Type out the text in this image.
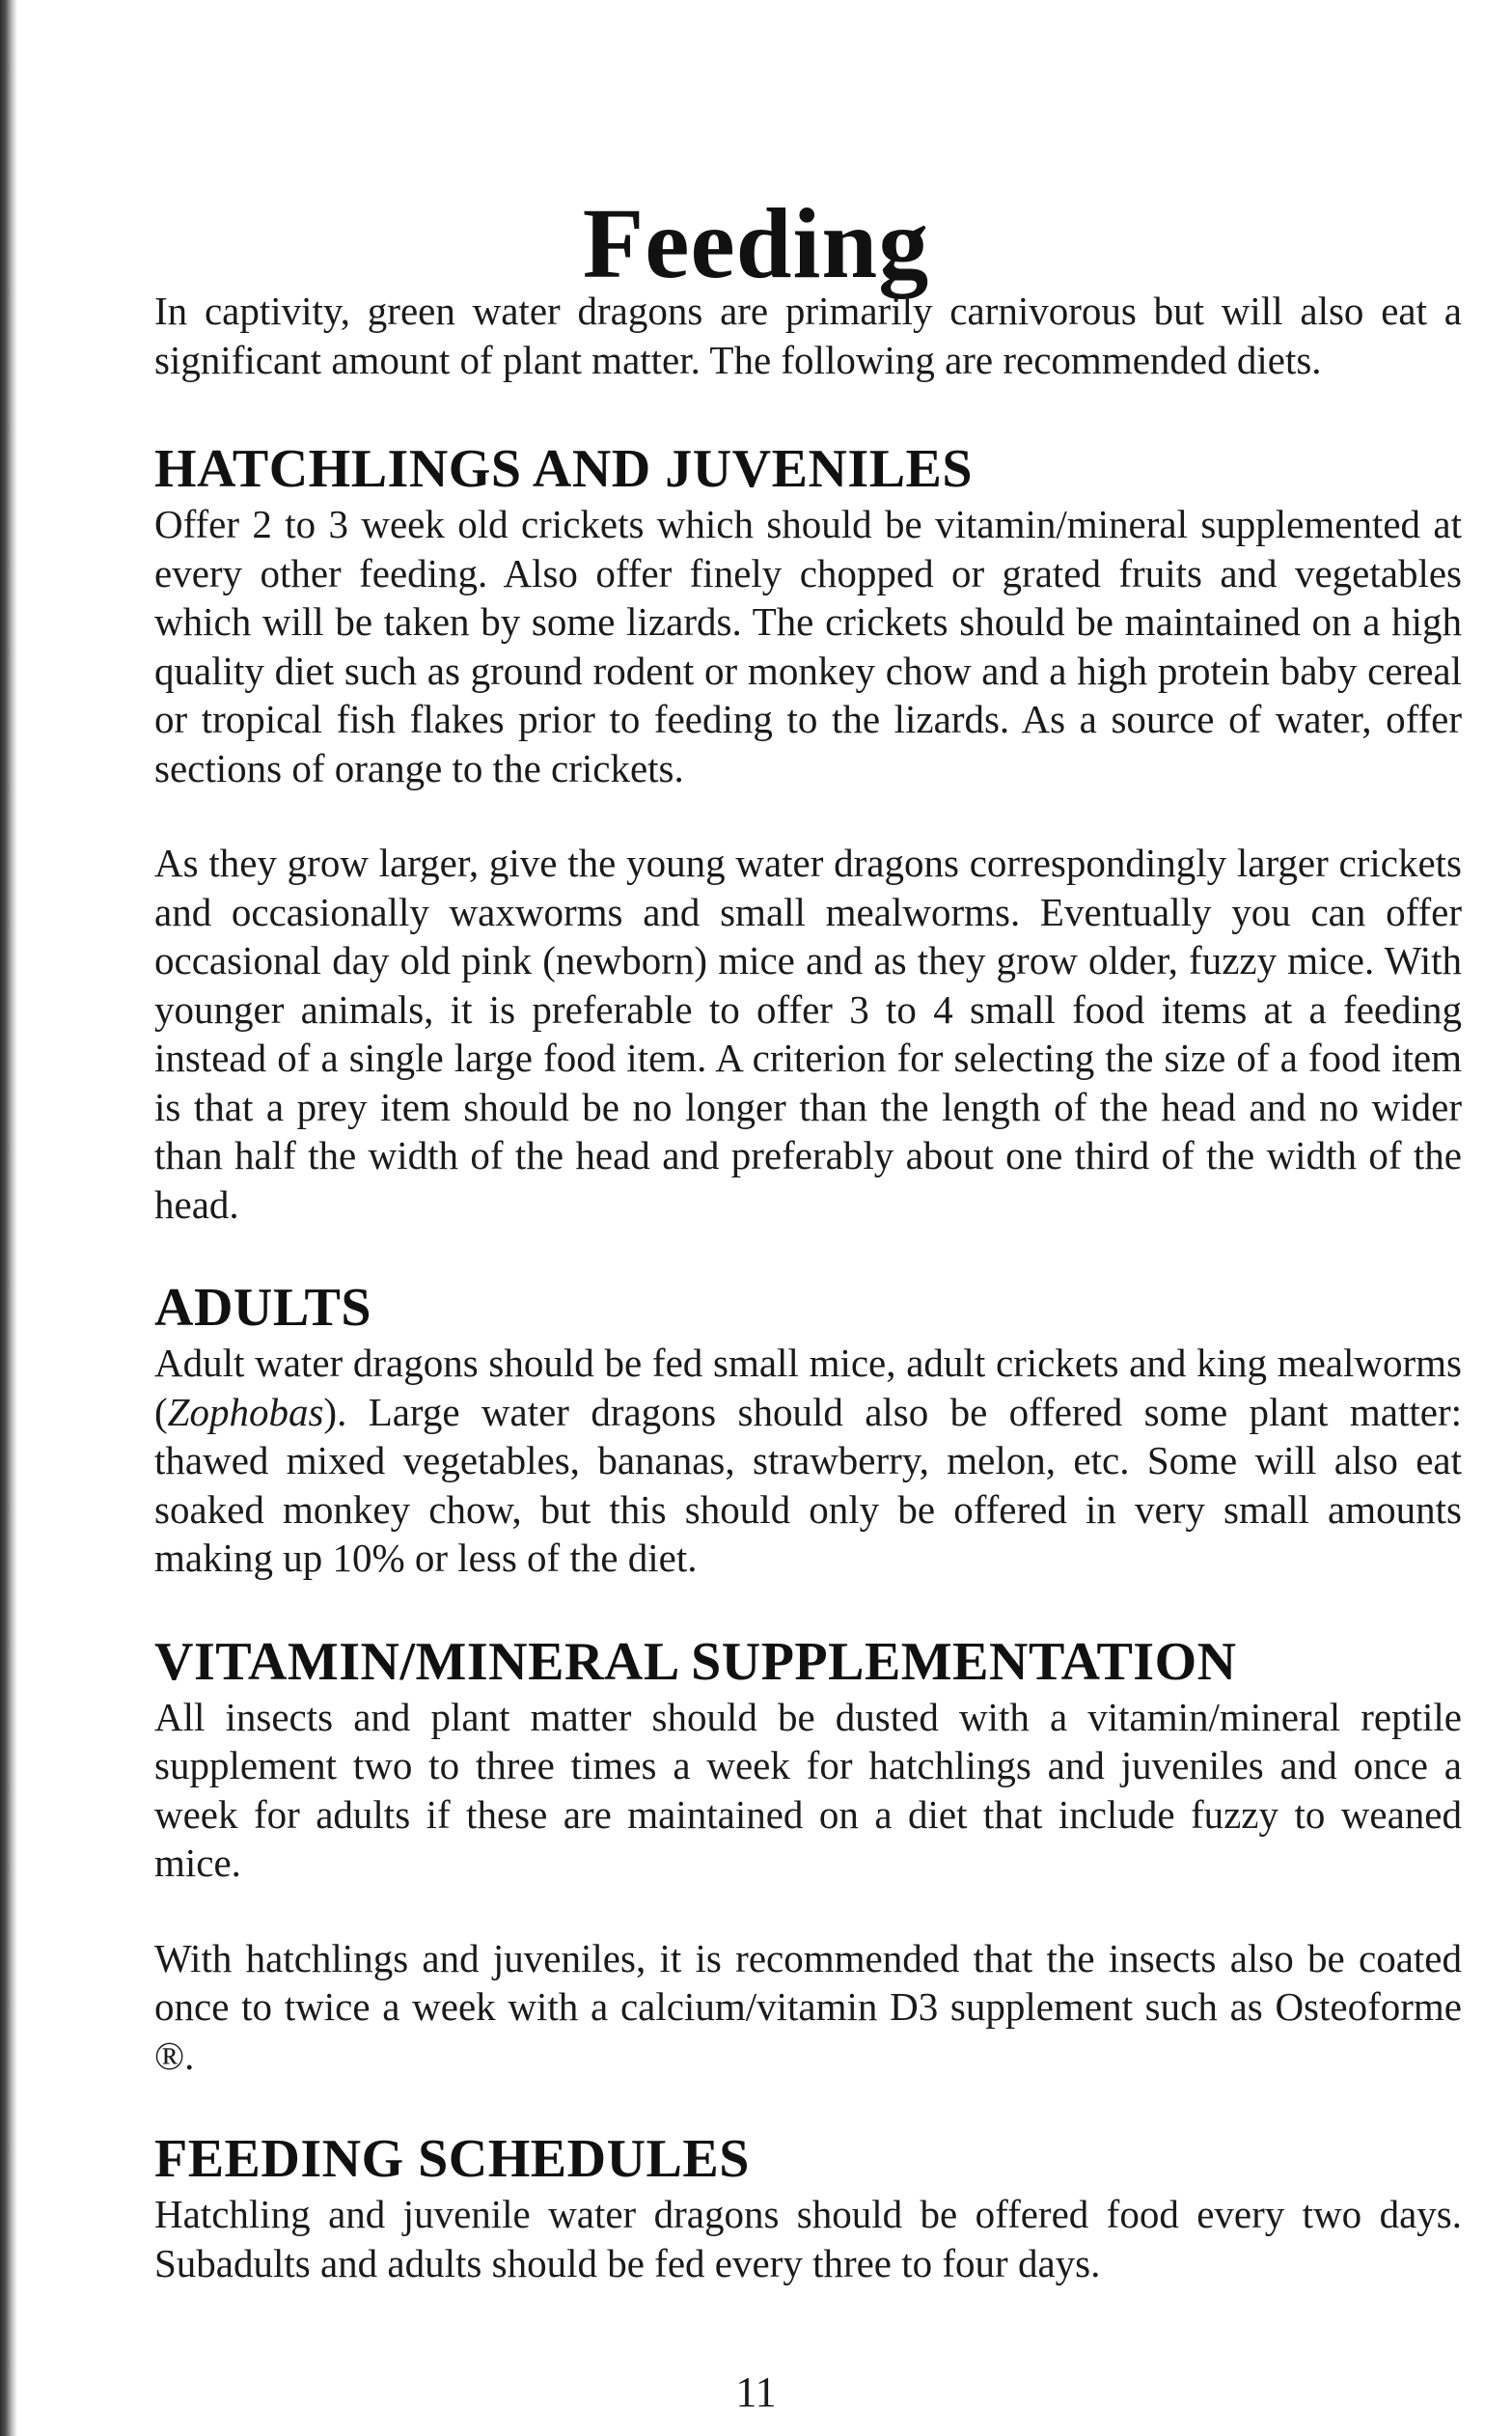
Feeding

In captivity, green water dragons are primarily carnivorous but will also eat a significant amount of plant matter. The following are recommended diets.

HATCHLINGS AND JUVENILES

Offer 2 to 3 week old crickets which should be vitamin/mineral supplemented at every other feeding. Also offer finely chopped or grated fruits and vegetables which will be taken by some lizards. The crickets should be maintained on a high quality diet such as ground rodent or monkey chow and a high protein baby cereal or tropical fish flakes prior to feeding to the lizards. As a source of water, offer sections of orange to the crickets.

As they grow larger, give the young water dragons correspondingly larger crickets and occasionally waxworms and small mealworms. Eventually you can offer occasional day old pink (newborn) mice and as they grow older, fuzzy mice. With younger animals, it is preferable to offer 3 to 4 small food items at a feeding instead of a single large food item. A criterion for selecting the size of a food item is that a prey item should be no longer than the length of the head and no wider than half the width of the head and preferably about one third of the width of the head.

ADULTS

Adult water dragons should be fed small mice, adult crickets and king mealworms (Zophobas). Large water dragons should also be offered some plant matter: thawed mixed vegetables, bananas, strawberry, melon, etc. Some will also eat soaked monkey chow, but this should only be offered in very small amounts making up 10% or less of the diet.

VITAMIN/MINERAL SUPPLEMENTATION

All insects and plant matter should be dusted with a vitamin/mineral reptile supplement two to three times a week for hatchlings and juveniles and once a week for adults if these are maintained on a diet that include fuzzy to weaned mice.

With hatchlings and juveniles, it is recommended that the insects also be coated once to twice a week with a calcium/vitamin D3 supplement such as Osteoforme ®.

FEEDING SCHEDULES

Hatchling and juvenile water dragons should be offered food every two days. Subadults and adults should be fed every three to four days.

11
